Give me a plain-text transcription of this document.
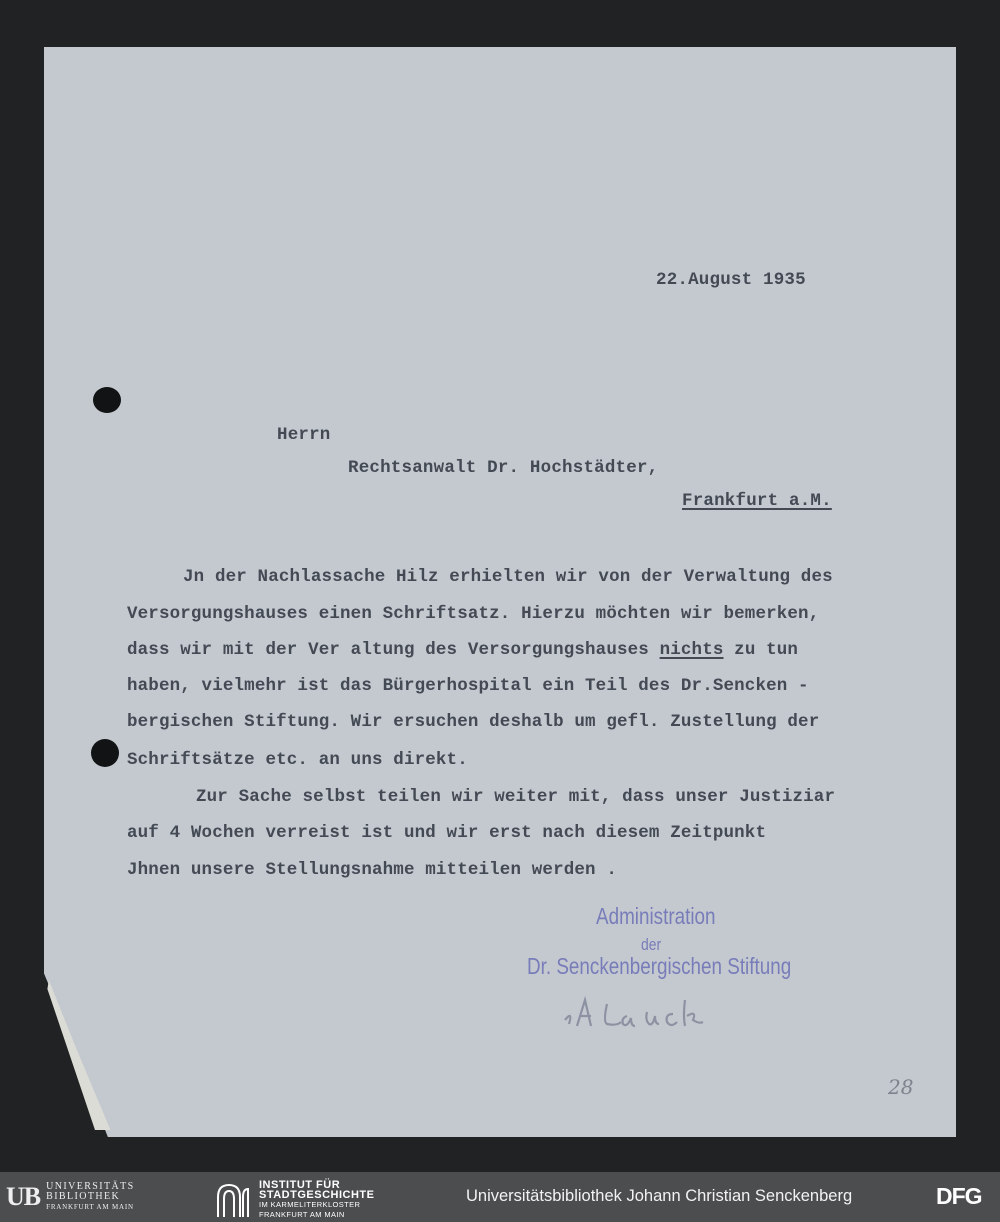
22.August 1935
Herrn
Rechtsanwalt Dr. Hochstädter,
Frankfurt a.M.
Jn der Nachlassache Hilz erhielten wir von der Verwaltung des
Versorgungshauses einen Schriftsatz. Hierzu möchten wir bemerken,
dass wir mit der Ver altung des Versorgungshauses nichts zu tun
haben, vielmehr ist das Bürgerhospital ein Teil des Dr.Sencken -
bergischen Stiftung. Wir ersuchen deshalb um gefl. Zustellung der
Schriftsätze etc. an uns direkt.
Zur Sache selbst teilen wir weiter mit, dass unser Justiziar
auf 4 Wochen verreist ist und wir erst nach diesem Zeitpunkt
Jhnen unsere Stellungsnahme mitteilen werden .
Administration
der
Dr. Senckenbergischen Stiftung
28
UB UNIVERSITÄTS
BIBLIOTHEK
FRANKFURT AM MAIN
INSTITUT FÜR
STADTGESCHICHTE
IM KARMELITERKLOSTER
FRANKFURT AM MAIN
Universitätsbibliothek Johann Christian Senckenberg	DFG
